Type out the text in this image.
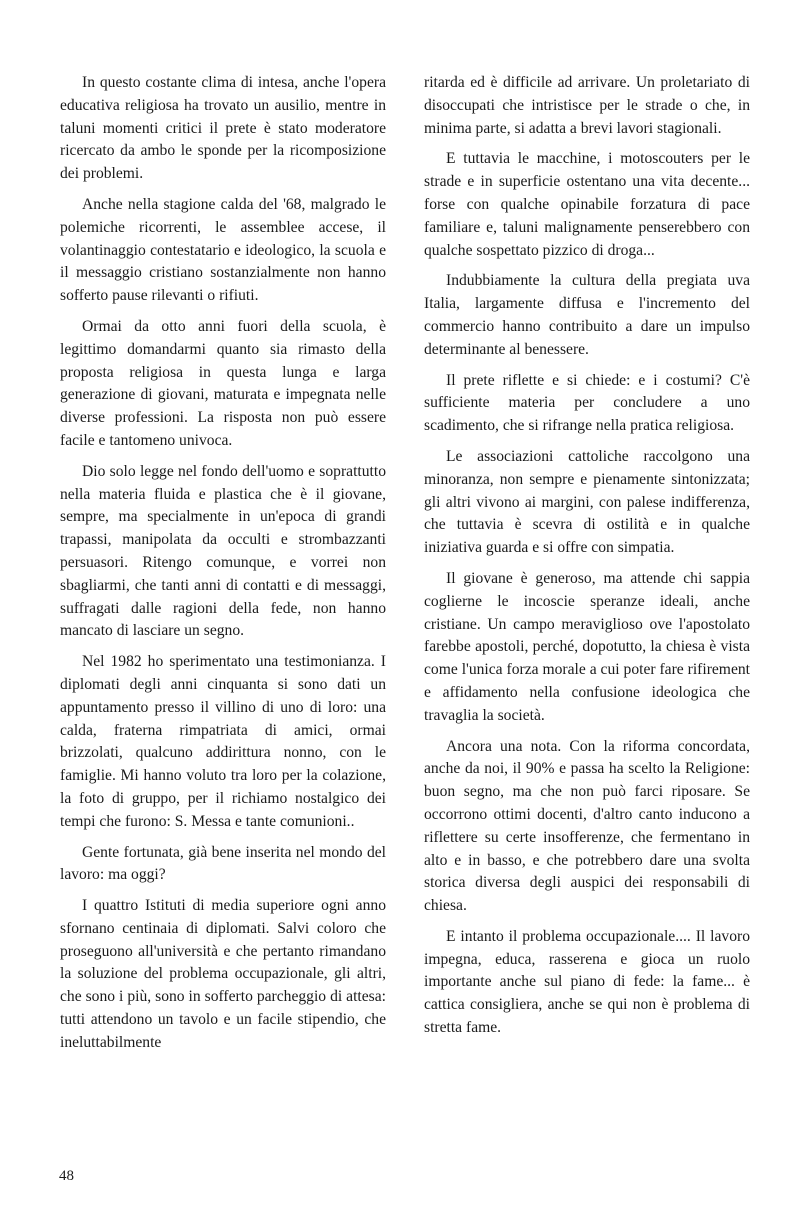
In questo costante clima di intesa, anche l'opera educativa religiosa ha trovato un ausilio, mentre in taluni momenti critici il prete è stato moderatore ricercato da ambo le sponde per la ricomposizione dei problemi.

Anche nella stagione calda del '68, malgrado le polemiche ricorrenti, le assemblee accese, il volantinaggio contestatario e ideologico, la scuola e il messaggio cristiano sostanzialmente non hanno sofferto pause rilevanti o rifiuti.

Ormai da otto anni fuori della scuola, è legittimo domandarmi quanto sia rimasto della proposta religiosa in questa lunga e larga generazione di giovani, maturata e impegnata nelle diverse professioni. La risposta non può essere facile e tantomeno univoca.

Dio solo legge nel fondo dell'uomo e soprattutto nella materia fluida e plastica che è il giovane, sempre, ma specialmente in un'epoca di grandi trapassi, manipolata da occulti e strombazzanti persuasori. Ritengo comunque, e vorrei non sbagliarmi, che tanti anni di contatti e di messaggi, suffragati dalle ragioni della fede, non hanno mancato di lasciare un segno.

Nel 1982 ho sperimentato una testimonianza. I diplomati degli anni cinquanta si sono dati un appuntamento presso il villino di uno di loro: una calda, fraterna rimpatriata di amici, ormai brizzolati, qualcuno addirittura nonno, con le famiglie. Mi hanno voluto tra loro per la colazione, la foto di gruppo, per il richiamo nostalgico dei tempi che furono: S. Messa e tante comunioni..

Gente fortunata, già bene inserita nel mondo del lavoro: ma oggi?

I quattro Istituti di media superiore ogni anno sfornano centinaia di diplomati. Salvi coloro che proseguono all'università e che pertanto rimandano la soluzione del problema occupazionale, gli altri, che sono i più, sono in sofferto parcheggio di attesa: tutti attendono un tavolo e un facile stipendio, che ineluttabilmente

ritarda ed è difficile ad arrivare. Un proletariato di disoccupati che intristisce per le strade o che, in minima parte, si adatta a brevi lavori stagionali.

E tuttavia le macchine, i motoscouters per le strade e in superficie ostentano una vita decente... forse con qualche opinabile forzatura di pace familiare e, taluni malignamente penserebbero con qualche sospettato pizzico di droga...

Indubbiamente la cultura della pregiata uva Italia, largamente diffusa e l'incremento del commercio hanno contribuito a dare un impulso determinante al benessere.

Il prete riflette e si chiede: e i costumi? C'è sufficiente materia per concludere a uno scadimento, che si rifrange nella pratica religiosa.

Le associazioni cattoliche raccolgono una minoranza, non sempre e pienamente sintonizzata; gli altri vivono ai margini, con palese indifferenza, che tuttavia è scevra di ostilità e in qualche iniziativa guarda e si offre con simpatia.

Il giovane è generoso, ma attende chi sappia coglierne le incoscie speranze ideali, anche cristiane. Un campo meraviglioso ove l'apostolato farebbe apostoli, perché, dopotutto, la chiesa è vista come l'unica forza morale a cui poter fare rifirement e affidamento nella confusione ideologica che travaglia la società.

Ancora una nota. Con la riforma concordata, anche da noi, il 90% e passa ha scelto la Religione: buon segno, ma che non può farci riposare. Se occorrono ottimi docenti, d'altro canto inducono a riflettere su certe insofferenze, che fermentano in alto e in basso, e che potrebbero dare una svolta storica diversa degli auspici dei responsabili di chiesa.

E intanto il problema occupazionale.... Il lavoro impegna, educa, rasserena e gioca un ruolo importante anche sul piano di fede: la fame... è cattica consigliera, anche se qui non è problema di stretta fame.

48
